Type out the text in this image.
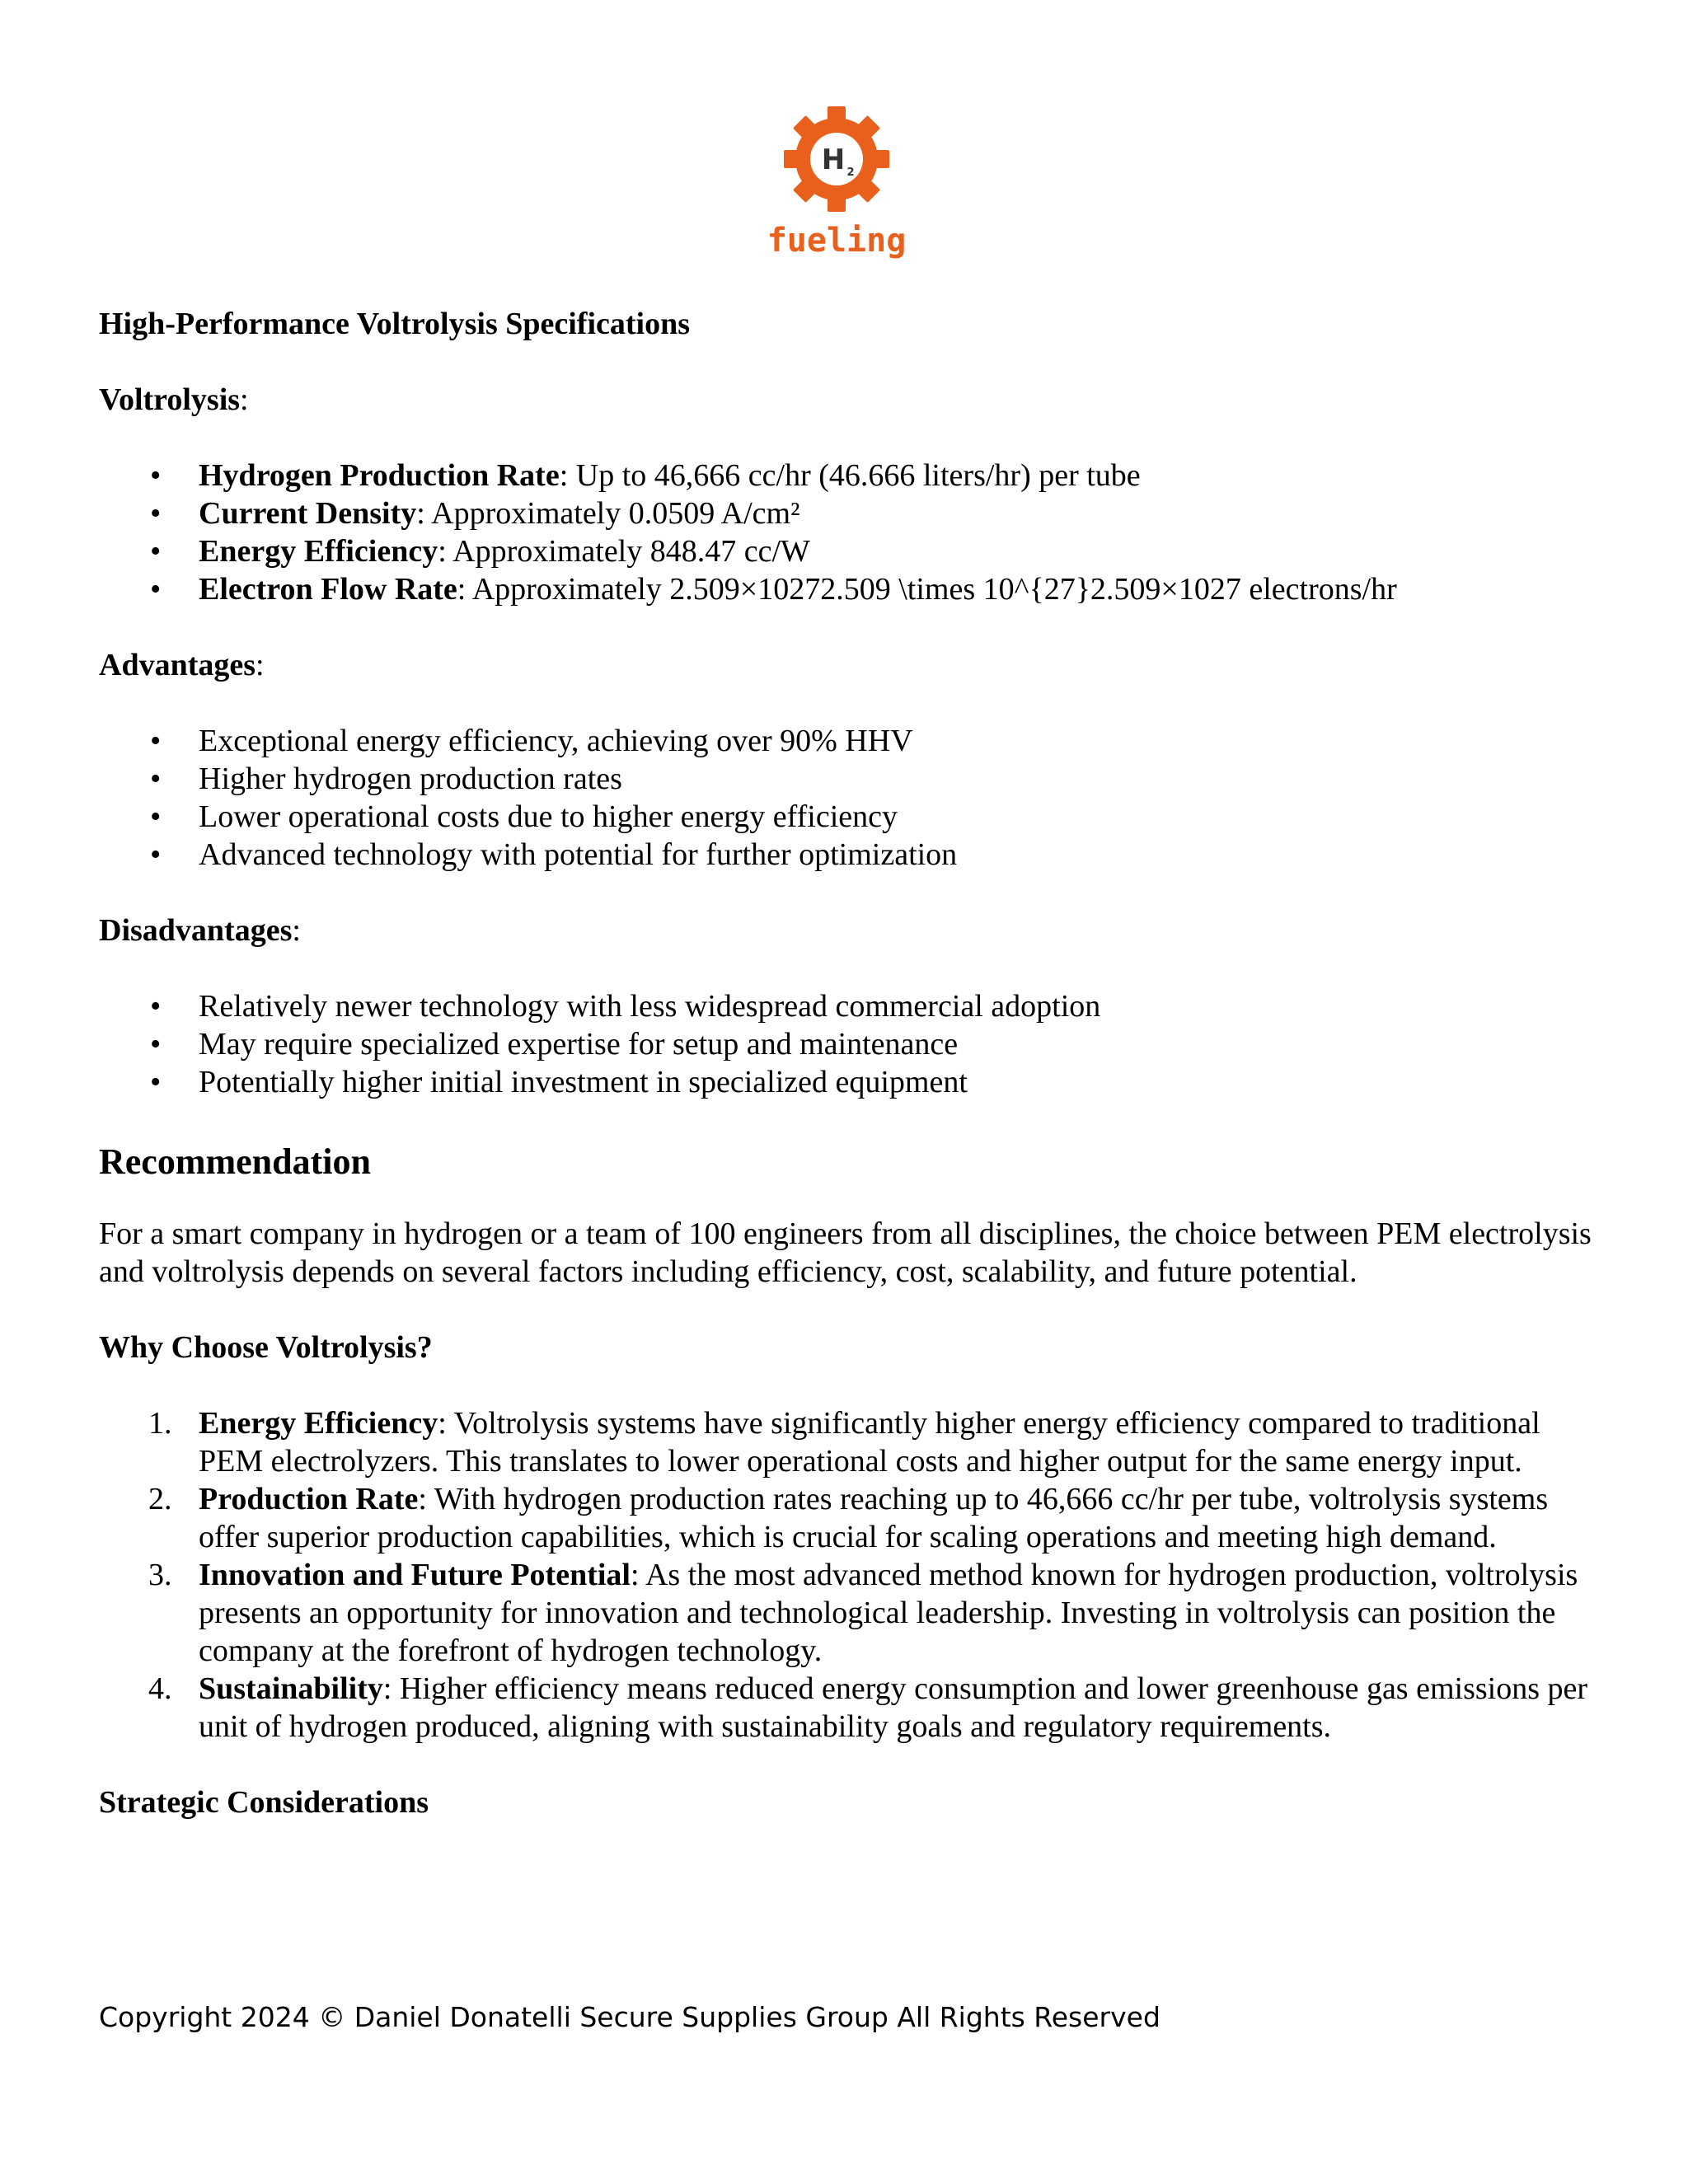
H 2
fueling
High-Performance Voltrolysis Specifications
Voltrolysis:
• Hydrogen Production Rate: Up to 46,666 cc/hr (46.666 liters/hr) per tube
• Current Density: Approximately 0.0509 A/cm²
• Energy Efficiency: Approximately 848.47 cc/W
• Electron Flow Rate: Approximately 2.509×10272.509 \times 10^{27}2.509×1027 electrons/hr
Advantages:
• Exceptional energy efficiency, achieving over 90% HHV
• Higher hydrogen production rates
• Lower operational costs due to higher energy efficiency
• Advanced technology with potential for further optimization
Disadvantages:
• Relatively newer technology with less widespread commercial adoption
• May require specialized expertise for setup and maintenance
• Potentially higher initial investment in specialized equipment
Recommendation
For a smart company in hydrogen or a team of 100 engineers from all disciplines, the choice between PEM electrolysis and voltrolysis depends on several factors including efficiency, cost, scalability, and future potential.
Why Choose Voltrolysis?
1. Energy Efficiency: Voltrolysis systems have significantly higher energy efficiency compared to traditional PEM electrolyzers. This translates to lower operational costs and higher output for the same energy input.
2. Production Rate: With hydrogen production rates reaching up to 46,666 cc/hr per tube, voltrolysis systems offer superior production capabilities, which is crucial for scaling operations and meeting high demand.
3. Innovation and Future Potential: As the most advanced method known for hydrogen production, voltrolysis presents an opportunity for innovation and technological leadership. Investing in voltrolysis can position the company at the forefront of hydrogen technology.
4. Sustainability: Higher efficiency means reduced energy consumption and lower greenhouse gas emissions per unit of hydrogen produced, aligning with sustainability goals and regulatory requirements.
Strategic Considerations
Copyright 2024 © Daniel Donatelli Secure Supplies Group All Rights Reserved
